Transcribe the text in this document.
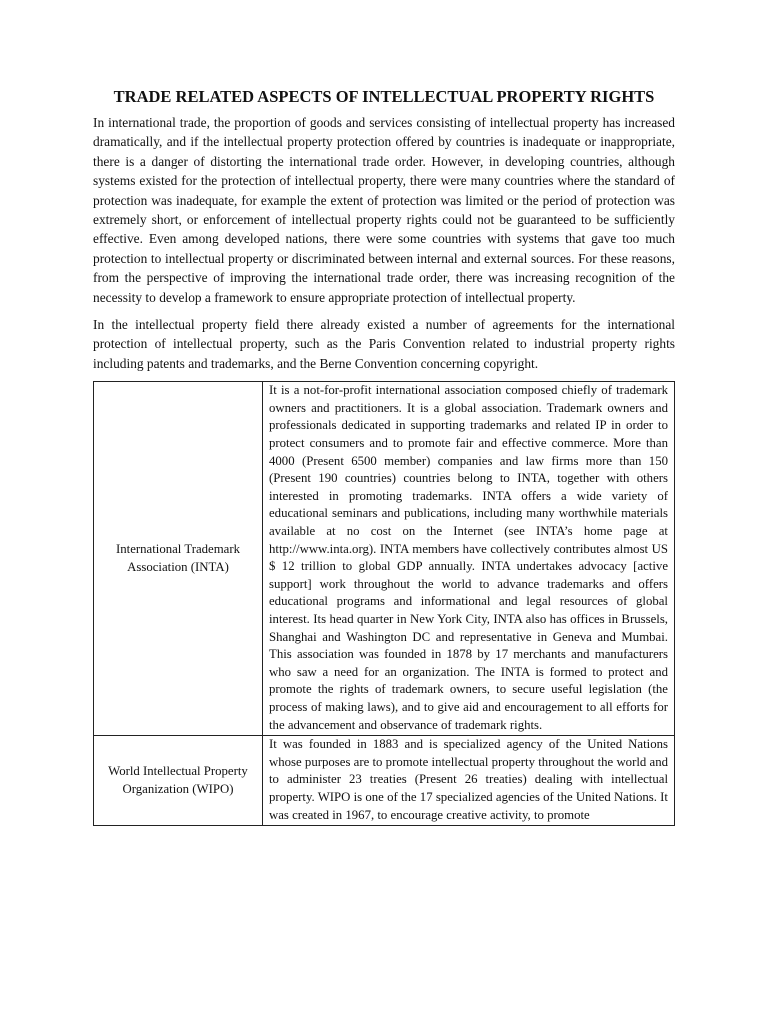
TRADE RELATED ASPECTS OF INTELLECTUAL PROPERTY RIGHTS

In international trade, the proportion of goods and services consisting of intellectual property has increased dramatically, and if the intellectual property protection offered by countries is inadequate or inappropriate, there is a danger of distorting the international trade order. However, in developing countries, although systems existed for the protection of intellectual property, there were many countries where the standard of protection was inadequate, for example the extent of protection was limited or the period of protection was extremely short, or enforcement of intellectual property rights could not be guaranteed to be sufficiently effective. Even among developed nations, there were some countries with systems that gave too much protection to intellectual property or discriminated between internal and external sources. For these reasons, from the perspective of improving the international trade order, there was increasing recognition of the necessity to develop a framework to ensure appropriate protection of intellectual property.

In the intellectual property field there already existed a number of agreements for the international protection of intellectual property, such as the Paris Convention related to industrial property rights including patents and trademarks, and the Berne Convention concerning copyright.

International Trademark Association (INTA)	It is a not-for-profit international association composed chiefly of trademark owners and practitioners. It is a global association. Trademark owners and professionals dedicated in supporting trademarks and related IP in order to protect consumers and to promote fair and effective commerce. More than 4000 (Present 6500 member) companies and law firms more than 150 (Present 190 countries) countries belong to INTA, together with others interested in promoting trademarks. INTA offers a wide variety of educational seminars and publications, including many worthwhile materials available at no cost on the Internet (see INTA’s home page at http://www.inta.org). INTA members have collectively contributes almost US $ 12 trillion to global GDP annually. INTA undertakes advocacy [active support] work throughout the world to advance trademarks and offers educational programs and informational and legal resources of global interest. Its head quarter in New York City, INTA also has offices in Brussels, Shanghai and Washington DC and representative in Geneva and Mumbai. This association was founded in 1878 by 17 merchants and manufacturers who saw a need for an organization. The INTA is formed to protect and promote the rights of trademark owners, to secure useful legislation (the process of making laws), and to give aid and encouragement to all efforts for the advancement and observance of trademark rights.
World Intellectual Property Organization (WIPO)	It was founded in 1883 and is specialized agency of the United Nations whose purposes are to promote intellectual property throughout the world and to administer 23 treaties (Present 26 treaties) dealing with intellectual property. WIPO is one of the 17 specialized agencies of the United Nations. It was created in 1967, to encourage creative activity, to promote
